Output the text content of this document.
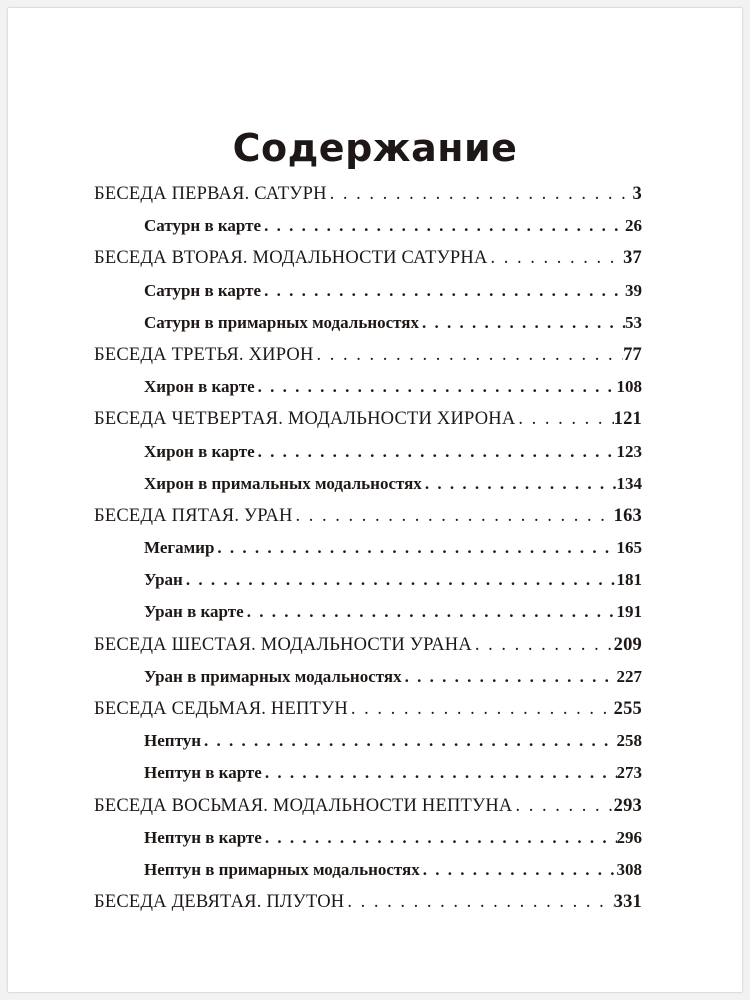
Содержание
БЕСЕДА ПЕРВАЯ. САТУРН . . .	3
Сатурн в карте . . .	26
БЕСЕДА ВТОРАЯ. МОДАЛЬНОСТИ САТУРНА . . .	37
Сатурн в карте . . .	39
Сатурн в примарных модальностях . . .	53
БЕСЕДА ТРЕТЬЯ. ХИРОН . . .	77
Хирон в карте . . .	108
БЕСЕДА ЧЕТВЕРТАЯ. МОДАЛЬНОСТИ ХИРОНА . . .	121
Хирон в карте . . .	123
Хирон в примальных модальностях . . .	134
БЕСЕДА ПЯТАЯ. УРАН . . .	163
Мегамир . . .	165
Уран . . .	181
Уран в карте . . .	191
БЕСЕДА ШЕСТАЯ. МОДАЛЬНОСТИ УРАНА . . .	209
Уран в примарных модальностях . . .	227
БЕСЕДА СЕДЬМАЯ. НЕПТУН . . .	255
Нептун . . .	258
Нептун в карте . . .	273
БЕСЕДА ВОСЬМАЯ. МОДАЛЬНОСТИ НЕПТУНА . . .	293
Нептун в карте . . .	296
Нептун в примарных модальностях . . .	308
БЕСЕДА ДЕВЯТАЯ. ПЛУТОН . . .	331
